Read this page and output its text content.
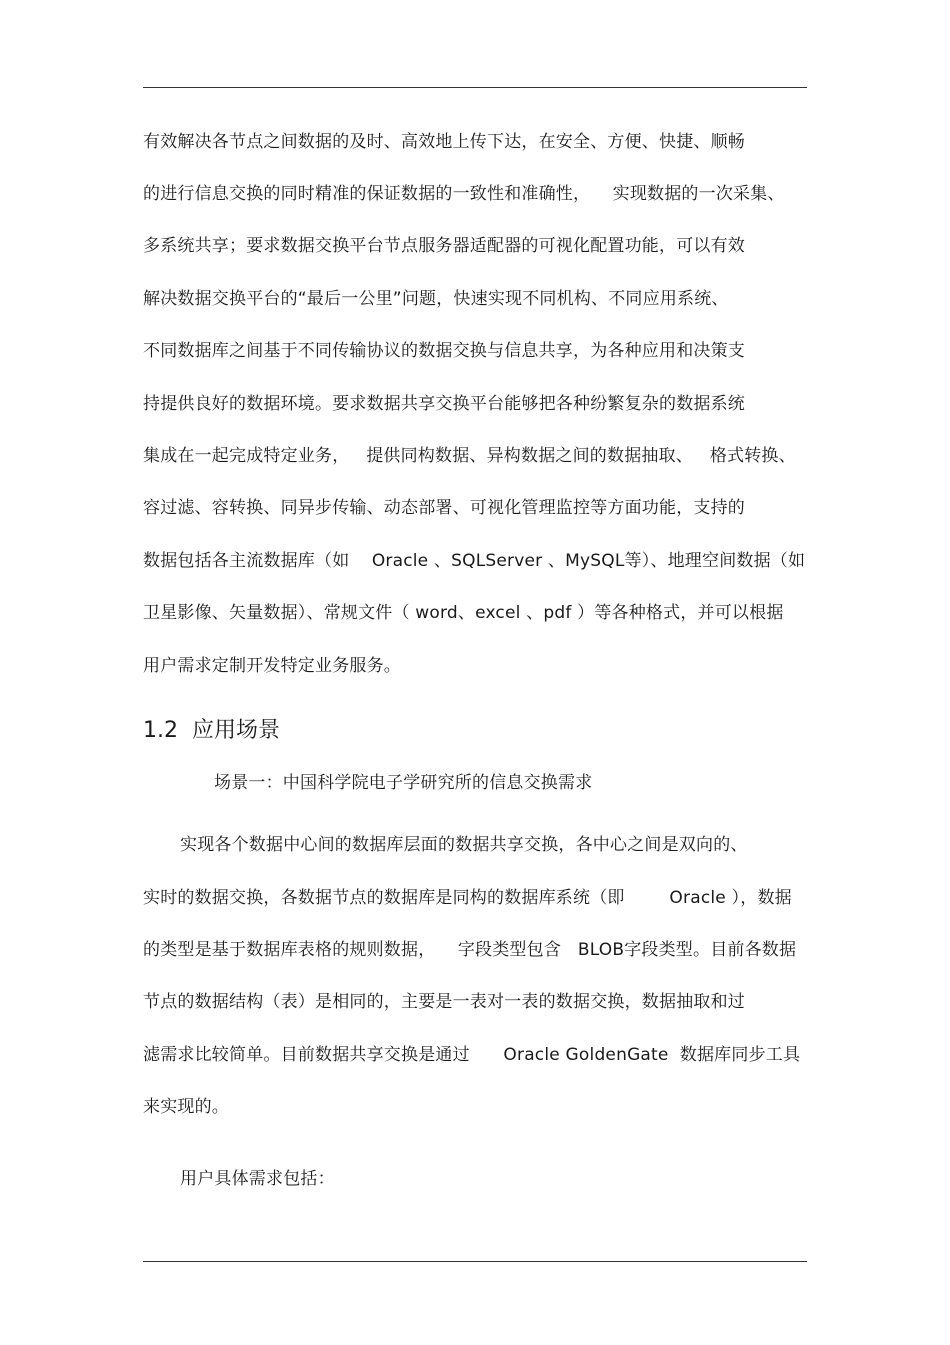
有效解决各节点之间数据的及时、高效地上传下达，在安全、方便、快捷、顺畅
的进行信息交换的同时精准的保证数据的一致性和准确性，    实现数据的一次采集、
多系统共享；要求数据交换平台节点服务器适配器的可视化配置功能，可以有效
解决数据交换平台的“最后一公里”问题，快速实现不同机构、不同应用系统、
不同数据库之间基于不同传输协议的数据交换与信息共享，为各种应用和决策支
持提供良好的数据环境。要求数据共享交换平台能够把各种纷繁复杂的数据系统
集成在一起完成特定业务，   提供同构数据、异构数据之间的数据抽取、   格式转换、
容过滤、容转换、同异步传输、动态部署、可视化管理监控等方面功能，支持的
数据包括各主流数据库（如    Oracle 、SQLServer 、MySQL等）、地理空间数据（如
卫星影像、矢量数据）、常规文件（ word、excel 、pdf ）等各种格式，并可以根据
用户需求定制开发特定业务服务。
1.2  应用场景
场景一：中国科学院电子学研究所的信息交换需求
实现各个数据中心间的数据库层面的数据共享交换，各中心之间是双向的、
实时的数据交换，各数据节点的数据库是同构的数据库系统（即        Oracle ），数据
的类型是基于数据库表格的规则数据，    字段类型包含   BLOB字段类型。目前各数据
节点的数据结构（表）是相同的，主要是一表对一表的数据交换，数据抽取和过
滤需求比较简单。目前数据共享交换是通过      Oracle GoldenGate  数据库同步工具
来实现的。
用户具体需求包括：
